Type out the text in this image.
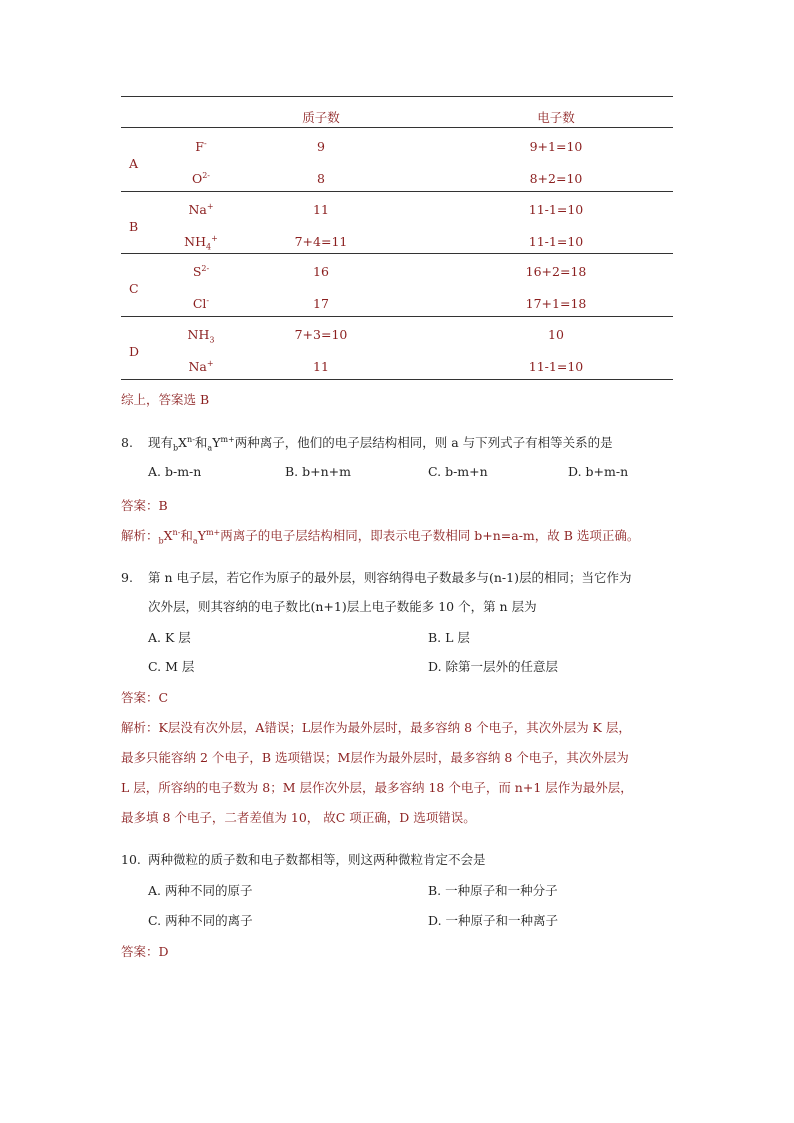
质子数	电子数
A
F-	9	9+1=10
$O^{2-}$	8	8+2=10
B
Na+	11	11-1=10
$NH_4^+$	7+4=11	11-1=10
C
$S^{2-}$	16	16+2=18
Cl-	17	17+1=18
D
$NH_3$	7+3=10	10
Na+	11	11-1=10
综上，答案选 B
8. 现有$_bX^{n-}$和$_aY^{m+}$两种离子，他们的电子层结构相同，则 a 与下列式子有相等关系的是
A. b-m-n	B. b+n+m	C. b-m+n	D. b+m-n
答案：B
解析：$_bX^{n-}$和$_aY^{m+}$两离子的电子层结构相同，即表示电子数相同 b+n=a-m，故 B 选项正确。
9. 第 n 电子层，若它作为原子的最外层，则容纳得电子数最多与(n-1)层的相同；当它作为
次外层，则其容纳的电子数比(n+1)层上电子数能多 10 个，第 n 层为
A. K 层	B. L 层
C. M 层	D. 除第一层外的任意层
答案：C
解析：K层没有次外层，A错误；L层作为最外层时，最多容纳 8 个电子，其次外层为 K 层，
最多只能容纳 2 个电子，B 选项错误；M层作为最外层时，最多容纳 8 个电子，其次外层为
L 层，所容纳的电子数为 8；M 层作次外层，最多容纳 18 个电子，而 n+1 层作为最外层，
最多填 8 个电子，二者差值为 10， 故C 项正确，D 选项错误。
10. 两种微粒的质子数和电子数都相等，则这两种微粒肯定不会是
A. 两种不同的原子	B. 一种原子和一种分子
C. 两种不同的离子	D. 一种原子和一种离子
答案：D
